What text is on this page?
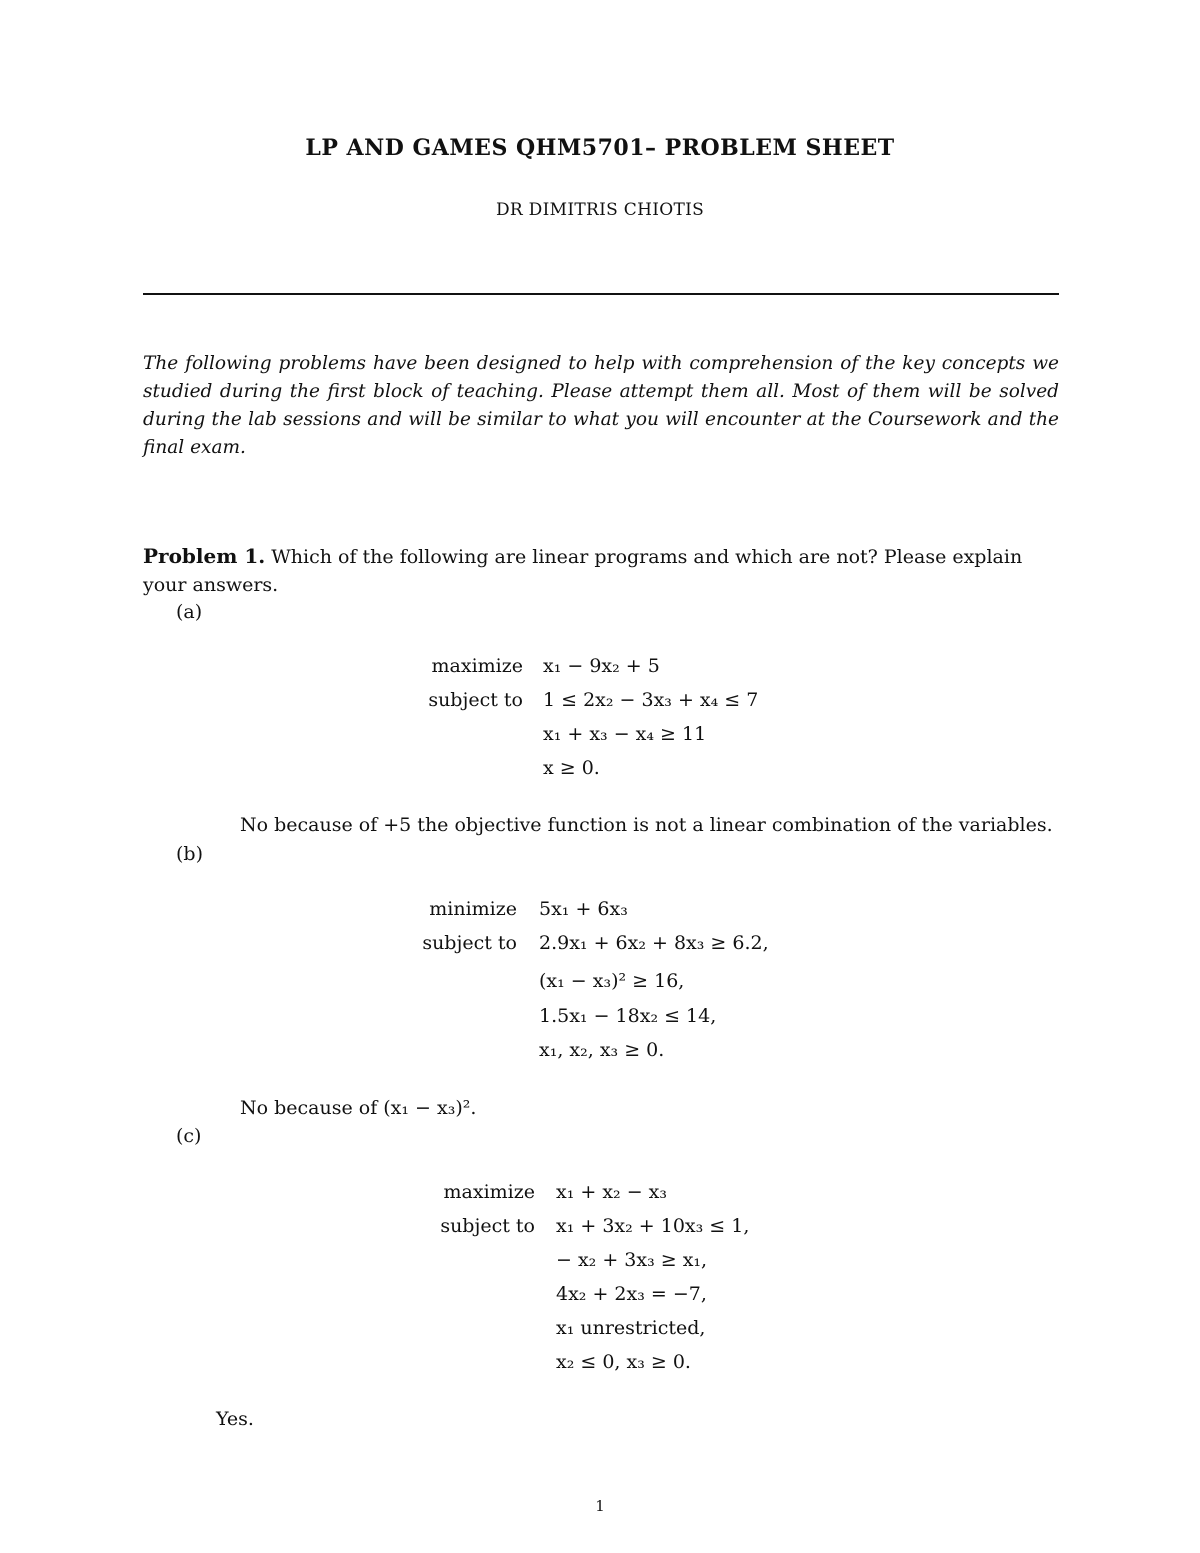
LP AND GAMES QHM5701– PROBLEM SHEET
DR DIMITRIS CHIOTIS
The following problems have been designed to help with comprehension of the key concepts we studied during the first block of teaching. Please attempt them all. Most of them will be solved during the lab sessions and will be similar to what you will encounter at the Coursework and the final exam.
Problem 1. Which of the following are linear programs and which are not? Please explain your answers.
(a)
maximize x₁ − 9x₂ + 5
subject to 1 ≤ 2x₂ − 3x₃ + x₄ ≤ 7
x₁ + x₃ − x₄ ≥ 11
x ≥ 0.
No because of +5 the objective function is not a linear combination of the variables.
(b)
minimize 5x₁ + 6x₃
subject to 2.9x₁ + 6x₂ + 8x₃ ≥ 6.2,
(x₁ − x₃)² ≥ 16,
1.5x₁ − 18x₂ ≤ 14,
x₁, x₂, x₃ ≥ 0.
No because of (x₁ − x₃)².
(c)
maximize x₁ + x₂ − x₃
subject to x₁ + 3x₂ + 10x₃ ≤ 1,
− x₂ + 3x₃ ≥ x₁,
4x₂ + 2x₃ = −7,
x₁ unrestricted,
x₂ ≤ 0, x₃ ≥ 0.
Yes.
1
